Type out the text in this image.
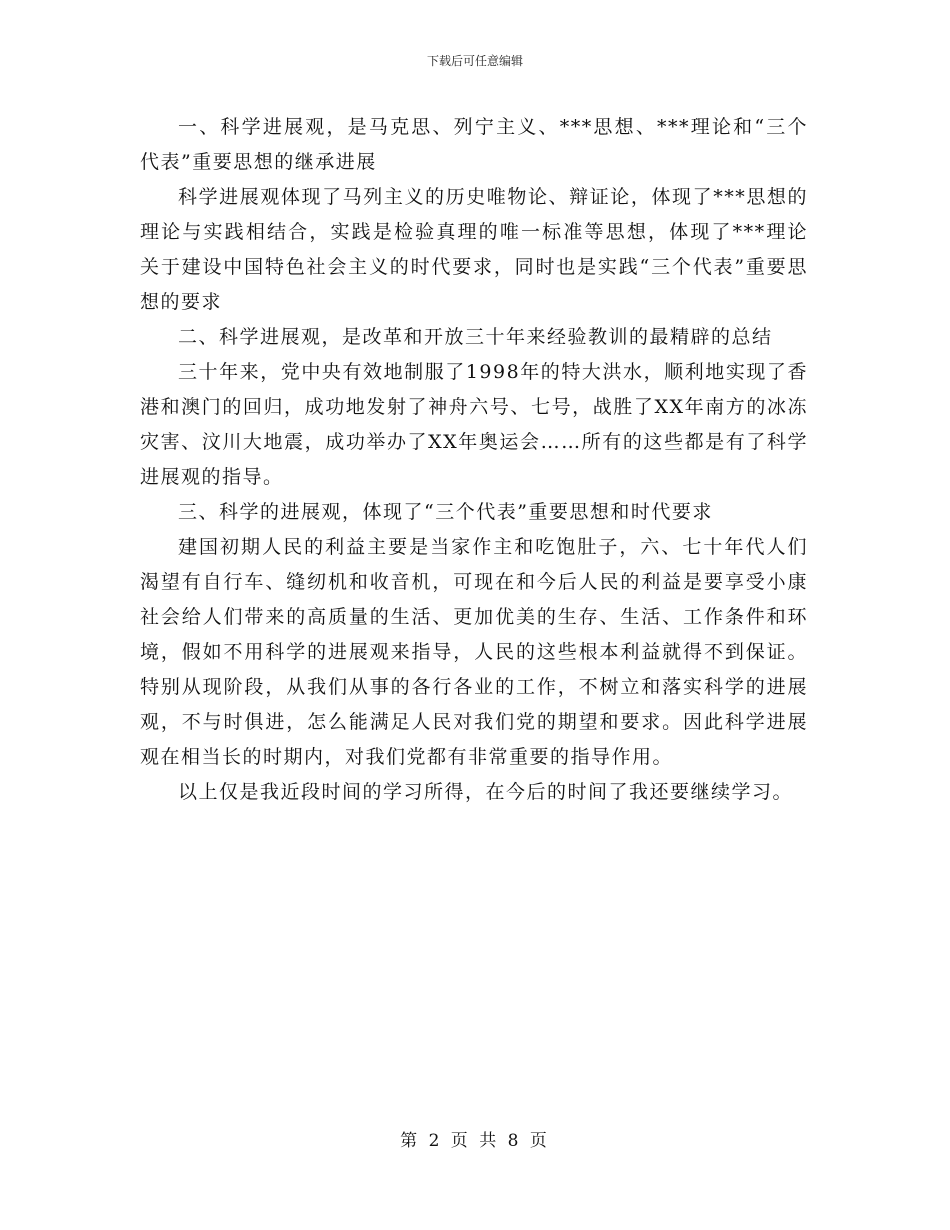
下载后可任意编辑

一、科学进展观，是马克思、列宁主义、***思想、***理论和“三个代表”重要思想的继承进展

科学进展观体现了马列主义的历史唯物论、辩证论，体现了***思想的理论与实践相结合，实践是检验真理的唯一标准等思想，体现了***理论关于建设中国特色社会主义的时代要求，同时也是实践“三个代表”重要思想的要求

二、科学进展观，是改革和开放三十年来经验教训的最精辟的总结

三十年来，党中央有效地制服了1998年的特大洪水，顺利地实现了香港和澳门的回归，成功地发射了神舟六号、七号，战胜了XX年南方的冰冻灾害、汶川大地震，成功举办了XX年奥运会……所有的这些都是有了科学进展观的指导。

三、科学的进展观，体现了“三个代表”重要思想和时代要求

建国初期人民的利益主要是当家作主和吃饱肚子，六、七十年代人们渴望有自行车、缝纫机和收音机，可现在和今后人民的利益是要享受小康社会给人们带来的高质量的生活、更加优美的生存、生活、工作条件和环境，假如不用科学的进展观来指导，人民的这些根本利益就得不到保证。特别从现阶段，从我们从事的各行各业的工作，不树立和落实科学的进展观，不与时俱进，怎么能满足人民对我们党的期望和要求。因此科学进展观在相当长的时期内，对我们党都有非常重要的指导作用。

以上仅是我近段时间的学习所得，在今后的时间了我还要继续学习。

第 2 页 共 8 页
